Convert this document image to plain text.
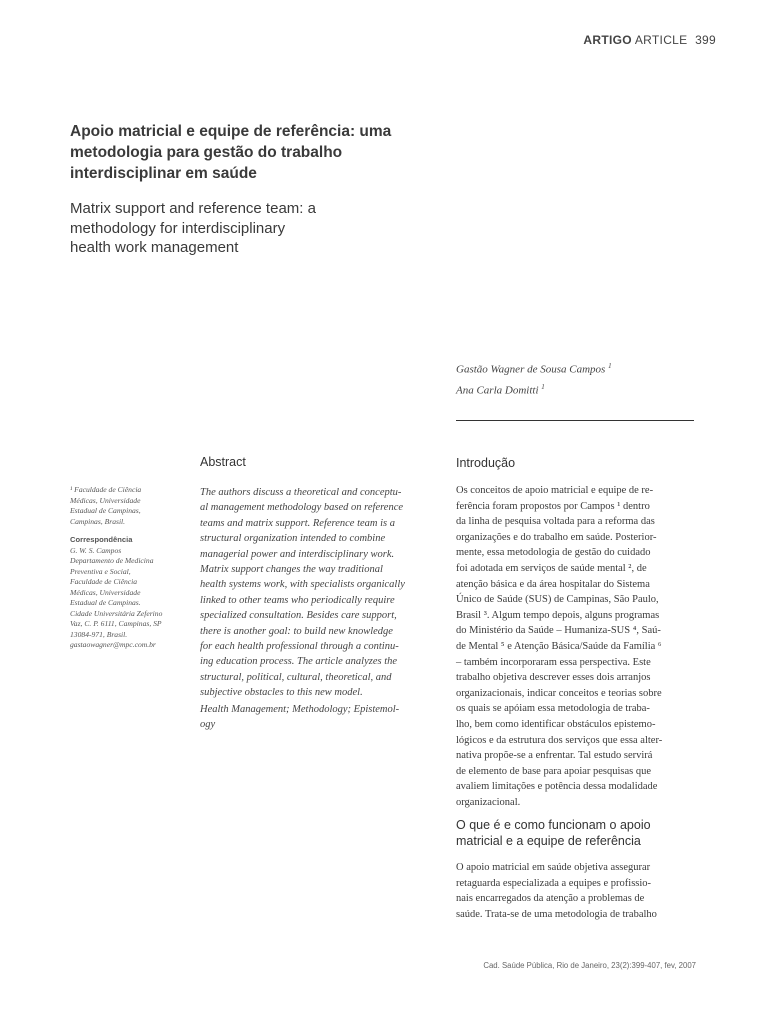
ARTIGO ARTICLE 399
Apoio matricial e equipe de referência: uma
metodologia para gestão do trabalho
interdisciplinar em saúde
Matrix support and reference team: a
methodology for interdisciplinary
health work management
Gastão Wagner de Sousa Campos $^1$
Ana Carla Domitti $^1$
Abstract	Introdução
¹ Faculdade de Ciência
Médicas, Universidade
Estadual de Campinas,
Campinas, Brasil.
Correspondência
G. W. S. Campos
Departamento de Medicina
Preventiva e Social,
Faculdade de Ciência
Médicas, Universidade
Estadual de Campinas.
Cidade Universitária Zeferino
Vaz, C. P. 6111, Campinas, SP
13084-971, Brasil.
gastaowagner@mpc.com.br
The authors discuss a theoretical and conceptu-
al management methodology based on reference
teams and matrix support. Reference team is a
structural organization intended to combine
managerial power and interdisciplinary work.
Matrix support changes the way traditional
health systems work, with specialists organically
linked to other teams who periodically require
specialized consultation. Besides care support,
there is another goal: to build new knowledge
for each health professional through a continu-
ing education process. The article analyzes the
structural, political, cultural, theoretical, and
subjective obstacles to this new model.
Health Management; Methodology; Epistemol-
ogy
Os conceitos de apoio matricial e equipe de re-
ferência foram propostos por Campos ¹ dentro
da linha de pesquisa voltada para a reforma das
organizações e do trabalho em saúde. Posterior-
mente, essa metodologia de gestão do cuidado
foi adotada em serviços de saúde mental ², de
atenção básica e da área hospitalar do Sistema
Único de Saúde (SUS) de Campinas, São Paulo,
Brasil ³. Algum tempo depois, alguns programas
do Ministério da Saúde – Humaniza-SUS ⁴, Saú-
de Mental ⁵ e Atenção Básica/Saúde da Família ⁶
– também incorporaram essa perspectiva. Este
trabalho objetiva descrever esses dois arranjos
organizacionais, indicar conceitos e teorias sobre
os quais se apóiam essa metodologia de traba-
lho, bem como identificar obstáculos epistemo-
lógicos e da estrutura dos serviços que essa alter-
nativa propõe-se a enfrentar. Tal estudo servirá
de elemento de base para apoiar pesquisas que
avaliem limitações e potência dessa modalidade
organizacional.
O que é e como funcionam o apoio
matricial e a equipe de referência
O apoio matricial em saúde objetiva assegurar
retaguarda especializada a equipes e profissio-
nais encarregados da atenção a problemas de
saúde. Trata-se de uma metodologia de trabalho
Cad. Saúde Pública, Rio de Janeiro, 23(2):399-407, fev, 2007
